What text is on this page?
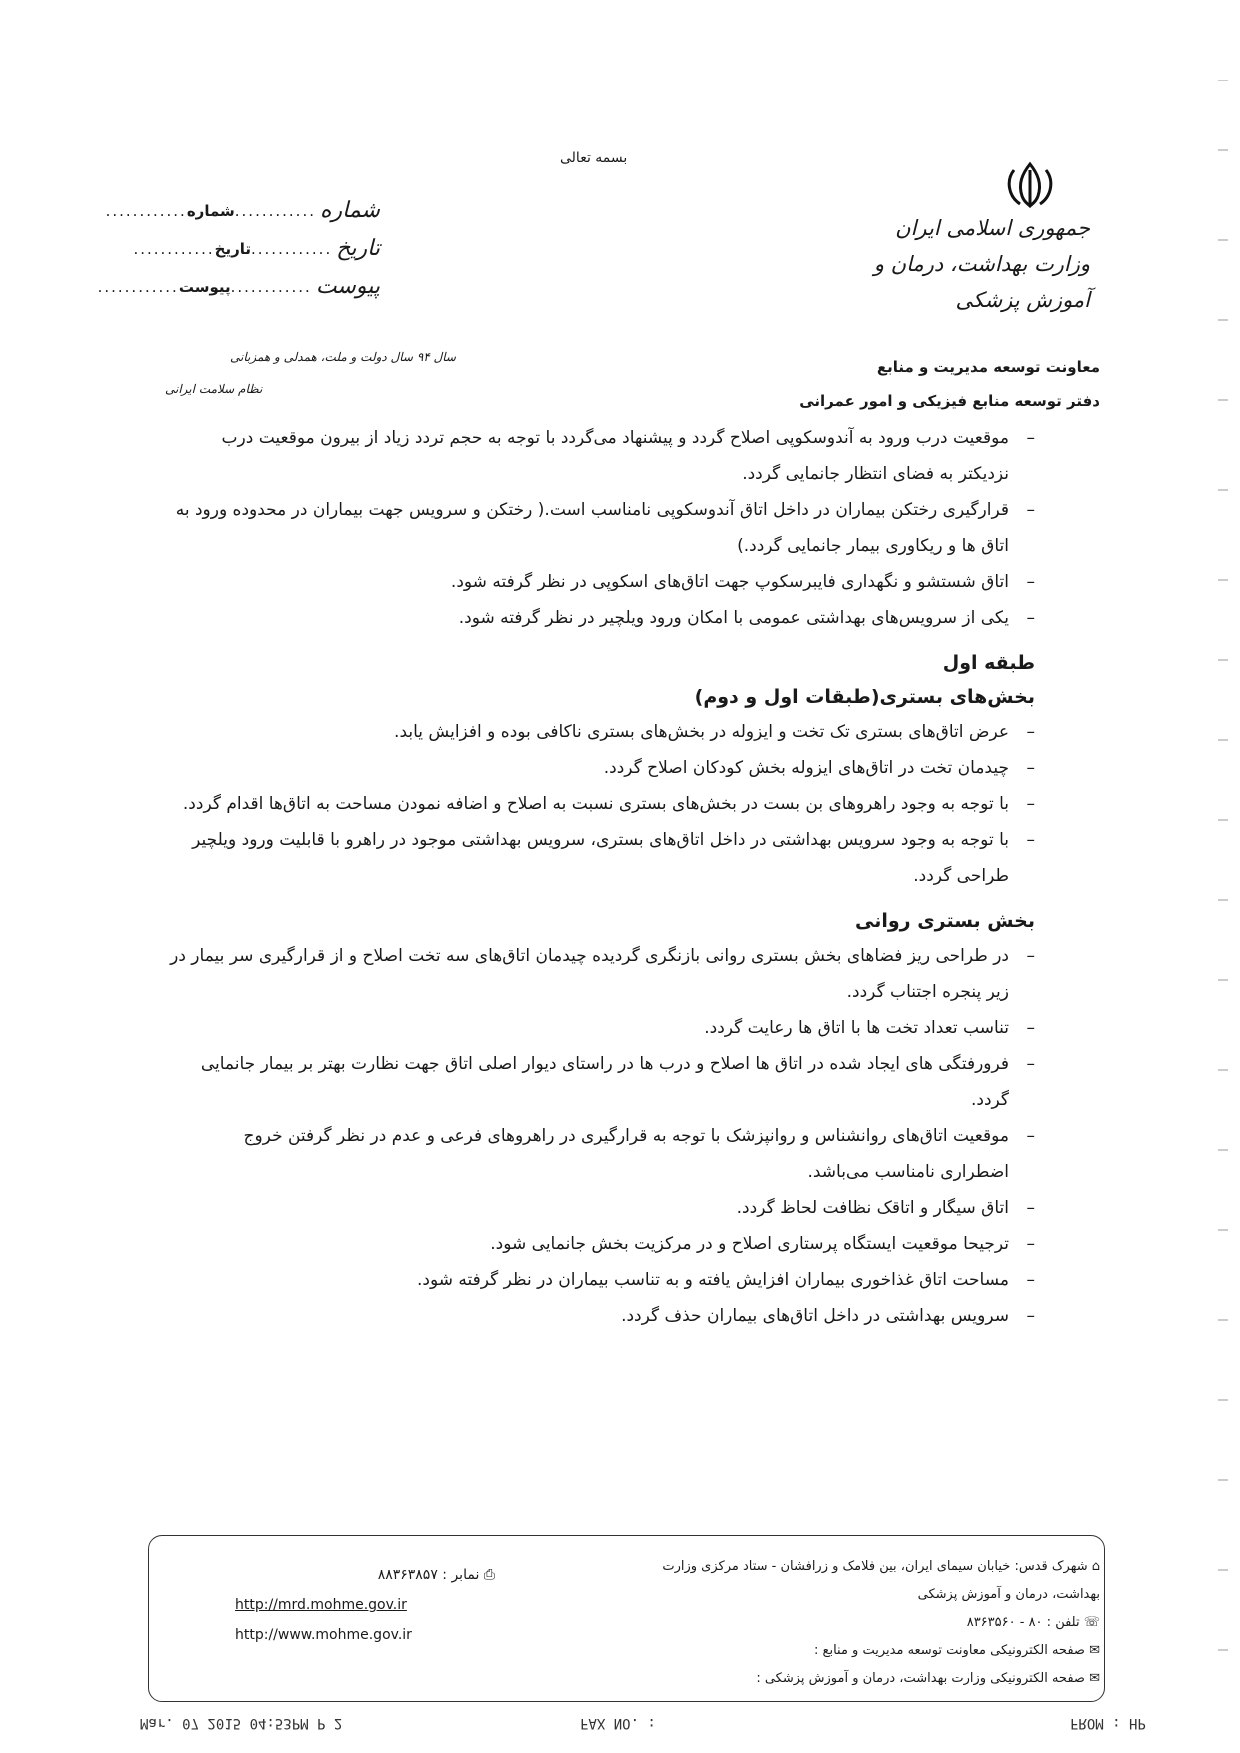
بسمه تعالی
جمهوری اسلامی ایران
وزارت بهداشت، درمان و آموزش پزشکی
شماره
............
شماره
............
تاریخ
............
تاریخ
............
پیوست
............
پیوست
............
سال ۹۴ سال دولت و ملت، همدلی و همزبانی
نظام سلامت ایرانی
معاونت توسعه مدیریت و منابع
دفتر توسعه منابع فیزیکی و امور عمرانی

– موقعیت درب ورود به آندوسکوپی اصلاح گردد و پیشنهاد می‌گردد با توجه به حجم تردد زیاد از بیرون موقعیت درب نزدیکتر به فضای انتظار جانمایی گردد.

– قرارگیری رختکن بیماران در داخل اتاق آندوسکوپی نامناسب است.( رختکن و سرویس جهت بیماران در محدوده ورود به اتاق ها و ریکاوری بیمار جانمایی گردد.)

– اتاق شستشو و نگهداری فایبرسکوپ جهت اتاق‌های اسکوپی در نظر گرفته شود.

– یکی از سرویس‌های بهداشتی عمومی با امکان ورود ویلچیر در نظر گرفته شود.

طبقه اول
بخش‌های بستری(طبقات اول و دوم)

– عرض اتاق‌های بستری تک تخت و ایزوله در بخش‌های بستری ناکافی بوده و افزایش یابد.

– چیدمان تخت در اتاق‌های ایزوله بخش کودکان اصلاح گردد.

– با توجه به وجود راهروهای بن بست در بخش‌های بستری نسبت به اصلاح و اضافه نمودن مساحت به اتاق‌ها اقدام گردد.

– با توجه به وجود سرویس بهداشتی در داخل اتاق‌های بستری، سرویس بهداشتی موجود در راهرو با قابلیت ورود ویلچیر طراحی گردد.

بخش بستری روانی

– در طراحی ریز فضاهای بخش بستری روانی بازنگری گردیده چیدمان اتاق‌های سه تخت اصلاح و از قرارگیری سر بیمار در زیر پنجره اجتناب گردد.

– تناسب تعداد تخت ها با اتاق ها رعایت گردد.

– فرورفتگی های ایجاد شده در اتاق ها اصلاح و درب ها در راستای دیوار اصلی اتاق جهت نظارت بهتر بر بیمار جانمایی گردد.

– موقعیت اتاق‌های روانشناس و روانپزشک با توجه به قرارگیری در راهروهای فرعی و عدم در نظر گرفتن خروج اضطراری نامناسب می‌باشد.

– اتاق سیگار و اتاقک نظافت لحاظ گردد.

– ترجیحا موقعیت ایستگاه پرستاری اصلاح و در مرکزیت بخش جانمایی شود.

– مساحت اتاق غذاخوری بیماران افزایش یافته و به تناسب بیماران در نظر گرفته شود.

– سرویس بهداشتی در داخل اتاق‌های بیماران حذف گردد.

⌂ شهرک قدس: خیابان سیمای ایران، بین فلامک و زرافشان - ستاد مرکزی وزارت بهداشت، درمان و آموزش پزشکی
☏ تلفن : ۸۰ - ۸۳۶۳۵۶۰
✉ صفحه الکترونیکی معاونت توسعه مدیریت و منابع :
✉ صفحه الکترونیکی وزارت بهداشت، درمان و آموزش پزشکی :
⎙ نمابر : ۸۸۳۶۳۸۵۷
http://mrd.mohme.gov.ir
http://www.mohme.gov.ir
Mar. 07 2015 04:53PM P 2	FAX NO. :	FROM : HP
